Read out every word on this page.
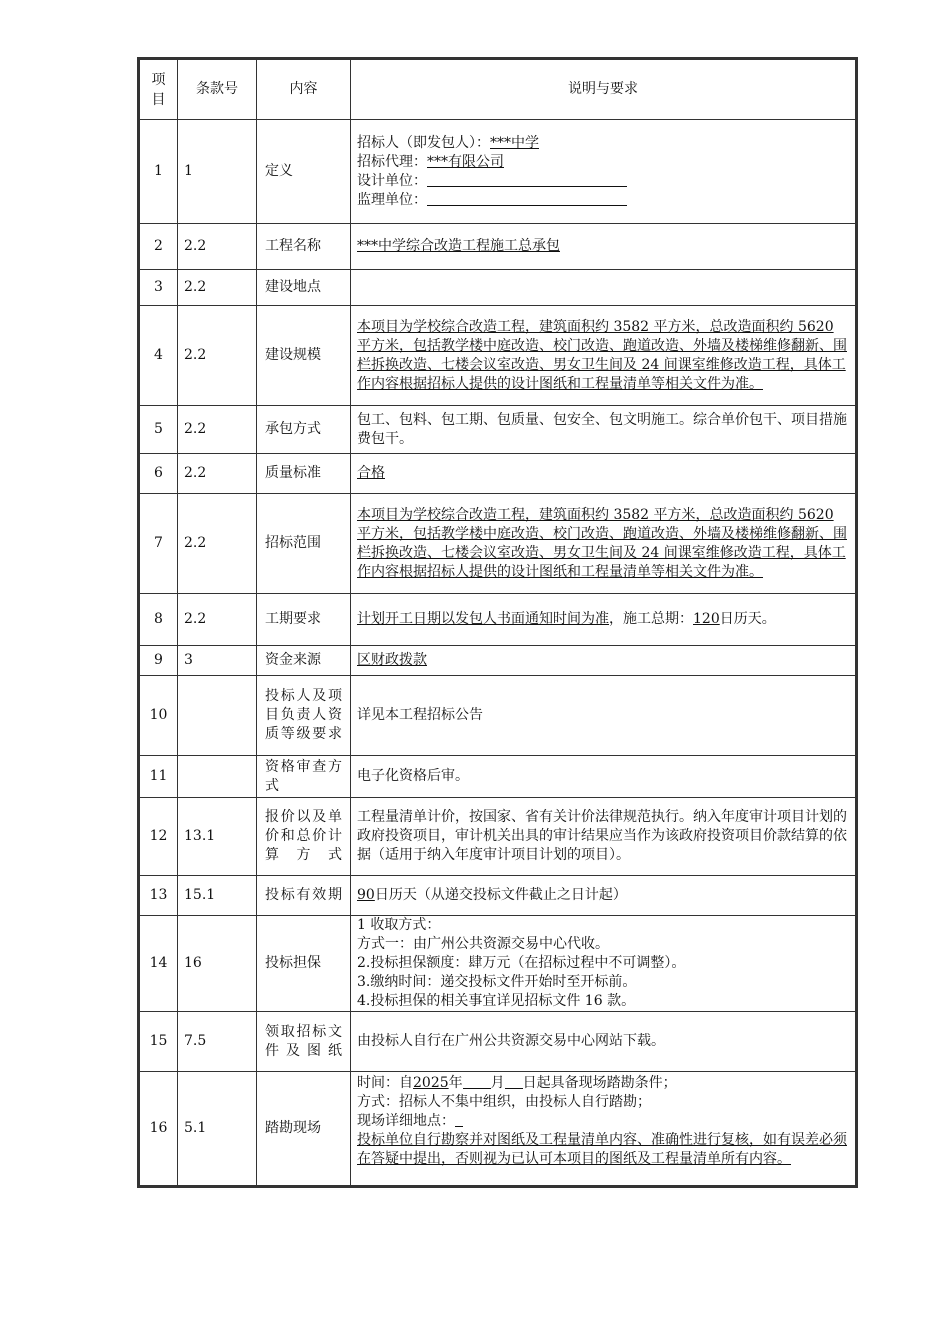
项目	条款号	内容	说明与要求
1	1	定义	招标人（即发包人）：***中学
招标代理：***有限公司
设计单位：
监理单位：

2	2.2	工程名称	***中学综合改造工程施工总承包
3	2.2	建设地点	
4	2.2	建设规模	本项目为学校综合改造工程，建筑面积约 3582 平方米，总改造面积约 5620 平方米，包括教学楼中庭改造、校门改造、跑道改造、外墙及楼梯维修翻新、围栏拆换改造、七楼会议室改造、男女卫生间及 24 间课室维修改造工程，具体工作内容根据招标人提供的设计图纸和工程量清单等相关文件为准。
5	2.2	承包方式	包工、包料、包工期、包质量、包安全、包文明施工。综合单价包干、项目措施费包干。
6	2.2	质量标准	合格
7	2.2	招标范围	本项目为学校综合改造工程，建筑面积约 3582 平方米，总改造面积约 5620 平方米，包括教学楼中庭改造、校门改造、跑道改造、外墙及楼梯维修翻新、围栏拆换改造、七楼会议室改造、男女卫生间及 24 间课室维修改造工程，具体工作内容根据招标人提供的设计图纸和工程量清单等相关文件为准。
8	2.2	工期要求	计划开工日期以发包人书面通知时间为准，施工总期：120日历天。
9	3	资金来源	区财政拨款
10		投标人及项目负责人资质等级要求	详见本工程招标公告
11		资格审查方式	电子化资格后审。
12	13.1	报价以及单价和总价计算方式	工程量清单计价，按国家、省有关计价法律规范执行。纳入年度审计项目计划的政府投资项目，审计机关出具的审计结果应当作为该政府投资项目价款结算的依据（适用于纳入年度审计项目计划的项目）。
13	15.1	投标有效期	90日历天（从递交投标文件截止之日计起）
14	16	投标担保	1 收取方式：
方式一：由广州公共资源交易中心代收。
2.投标担保额度：肆万元（在招标过程中不可调整）。
3.缴纳时间：递交投标文件开始时至开标前。
4.投标担保的相关事宜详见招标文件 16 款。

15	7.5	领取招标文件及图纸	由投标人自行在广州公共资源交易中心网站下载。
16	5.1	踏勘现场	时间：自2025年 月 日起具备现场踏勘条件；
方式：招标人不集中组织，由投标人自行踏勘；
现场详细地点：
投标单位自行勘察并对图纸及工程量清单内容、准确性进行复核，如有误差必须在答疑中提出，否则视为已认可本项目的图纸及工程量清单所有内容。
